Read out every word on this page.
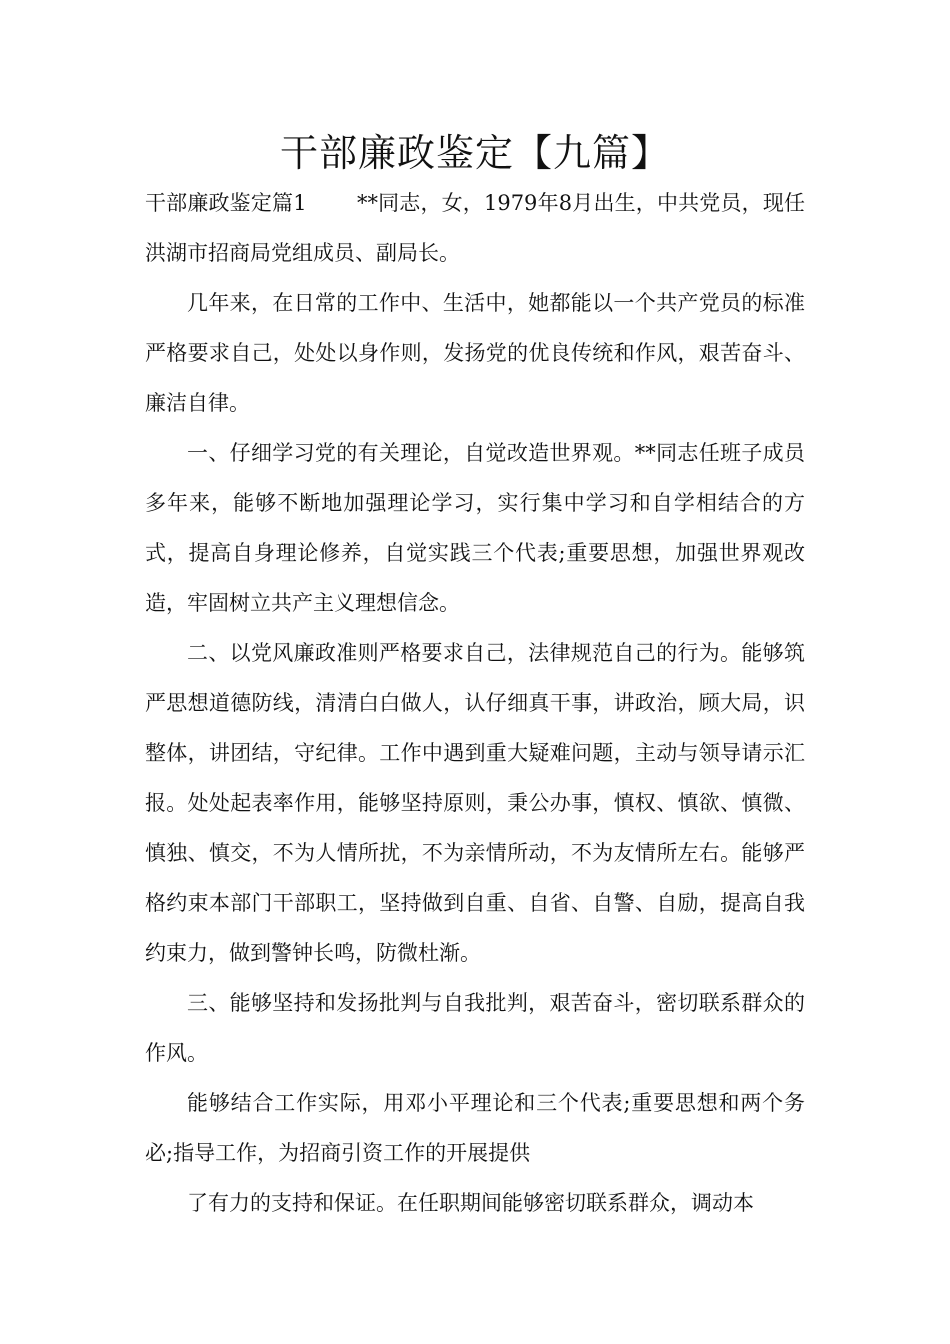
干部廉政鉴定【九篇】

干部廉政鉴定篇1 **同志，女，1979年8月出生，中共党员，现任洪湖市招商局党组成员、副局长。

几年来，在日常的工作中、生活中，她都能以一个共产党员的标准严格要求自己，处处以身作则，发扬党的优良传统和作风，艰苦奋斗、廉洁自律。

一、仔细学习党的有关理论，自觉改造世界观。**同志任班子成员多年来，能够不断地加强理论学习，实行集中学习和自学相结合的方式，提高自身理论修养，自觉实践三个代表;重要思想，加强世界观改造，牢固树立共产主义理想信念。

二、以党风廉政准则严格要求自己，法律规范自己的行为。能够筑严思想道德防线，清清白白做人，认仔细真干事，讲政治，顾大局，识整体，讲团结，守纪律。工作中遇到重大疑难问题，主动与领导请示汇报。处处起表率作用，能够坚持原则，秉公办事，慎权、慎欲、慎微、慎独、慎交，不为人情所扰，不为亲情所动，不为友情所左右。能够严格约束本部门干部职工，坚持做到自重、自省、自警、自励，提高自我约束力，做到警钟长鸣，防微杜渐。

三、能够坚持和发扬批判与自我批判，艰苦奋斗，密切联系群众的作风。

能够结合工作实际，用邓小平理论和三个代表;重要思想和两个务必;指导工作，为招商引资工作的开展提供

了有力的支持和保证。在任职期间能够密切联系群众，调动本
